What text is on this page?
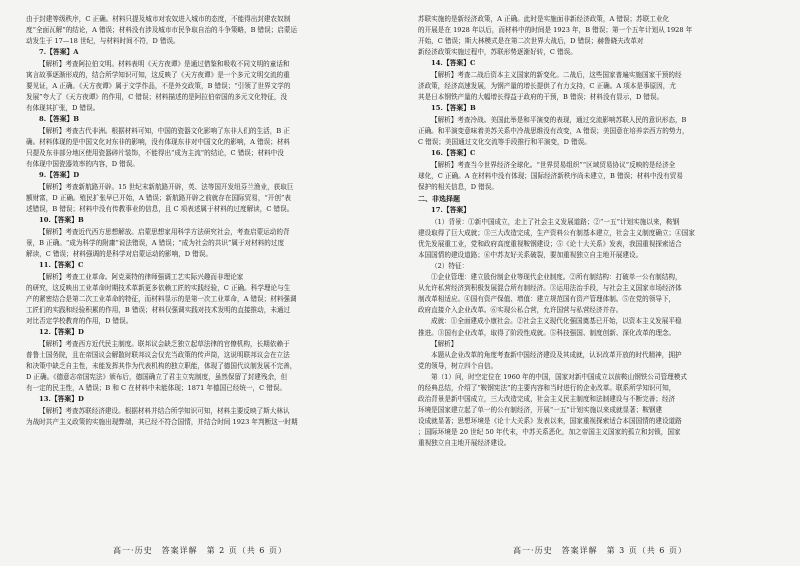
由于封建等级秩序，C 正确。材料只提及城市对农奴进入城市的态度，不能得出封建农奴制

度“全面瓦解”的结论，A 错误；材料没有涉及城市市民争取自治的斗争策略，B 错误；启蒙运

动发生于 17—18 世纪，与材料时间不符，D 错误。

7.【答案】A

【解析】考查阿拉伯文明。材料表明《天方夜谭》是通过借鉴和吸收不同文明的童话和

寓言故事逐渐形成的，结合所学知识可知，这反映了《天方夜谭》是一个多元文明交流的重

要见证，A 正确。《天方夜谭》属于文学作品，不是外交政策，B 错误；“引领了世界文学的

发展”夸大了《天方夜谭》的作用，C 错误；材料描述的是阿拉伯帝国的多元文化特征，没

有体现其扩张，D 错误。

8.【答案】B

【解析】考查古代非洲。根据材料可知，中国的瓷器文化影响了东非人们的生活，B 正

确。材料体现的是中国文化对东非的影响，没有体现东非对中国文化的影响，A 错误；材料

只提及东非部分地区使用瓷器碎片装饰，不能得出“成为主流”的结论，C 错误；材料中没

有体现中国瓷器效率的内容，D 错误。

9.【答案】D

【解析】考查新航路开辟。15 世纪末新航路开辟，英、法等国开发纽芬兰渔业，获取巨

额财富，D 正确。殖民扩张早已开始，A 错误；新航路开辟之前就存在国际贸易，“开创”表

述错误，B 错误；材料中没有传教事业的信息，且 C 项表述属于材料的过度解读，C 错误。

10.【答案】B

【解析】考查近代西方思想解放。启蒙思想家用科学方法研究社会，考查启蒙运动的背

景，B 正确。“成为科学的附庸”说法错误，A 错误；“成为社会的共识”属于对材料的过度

解读，C 错误；材料强调的是科学对启蒙运动的影响，D 错误。

11.【答案】C

【解析】考查工业革命。阿克莱特的律师强调工艺实际兴趣而非理论家

的研究，这反映出工业革命时期技术革新更多依赖工匠的实践经验，C 正确。科学理论与生

产的紧密结合是第二次工业革命的特征，而材料显示的是第一次工业革命，A 错误；材料强调

工匠们的实践和经验积累的作用，B 错误；材料仅强调实践对技术发明的直接推动，未通过

对比否定学校教育的作用，D 错误。

12.【答案】D

【解析】考查西方近代民主制度。联邦议会缺乏独立起草法律的官僚机构，长期依赖于

普鲁士国务院，且在帝国议会解散时联邦议会仅充当政策的传声筒，这说明联邦议会在立法

和决策中缺乏自主性，未能发挥其作为代表机构的独立职能，体现了德国代议制发展不完善，

D 正确。《德意志帝国宪法》颁布后，德国确立了君主立宪制度，虽然保留了封建残余，但

有一定的民主性，A 错误；B 和 C 在材料中未能体现；1871 年德国已经统一，C 错误。

13.【答案】D

【解析】考查苏联经济建设。根据材料并结合所学知识可知，材料主要反映了斯大林认

为战时共产主义政策的实施出现弊端，其已经不符合国情，并结合时间 1923 年判断这一时期

高一·历史　答案详解　第 2 页（共 6 页）

苏联实施的是新经济政策，A 正确。此时是实施面非新经济政策，A 错误；苏联工业化

的开展是在 1928 年以后，而材料中的时间是 1923 年，B 错误；第一个五年计划从 1928 年

开始，C 错误；斯大林模式是在第二次世界大战后，D 错误；赫鲁晓夫改革对

新经济政策实施过程中，苏联形势逐渐好转，C 错误。

14.【答案】C

【解析】考查二战后资本主义国家的新变化。二战后，这些国家普遍实施国家干预的经

济政策，经济高速发展，为钢产量的增长提供了有力支持，C 正确。A 项本是事原因，尤

其是日本钢铁产量的大幅增长得益于政府的干预，B 错误；材料没有显示，D 错误。

15.【答案】B

【解析】考查冷战。美国此举是和平演变的表现，通过交流影响苏联人民的意识形态，B

正确。和平演变意味着美苏关系中冷战思维没有改变，A 错误；美国意在培养亲西方的势力，

C 错误；美国通过文化交流等手段推行和平演变，D 错误。

16.【答案】C

【解析】考查当今世界经济全球化。“世界贸易组织”“区域贸易协议”反映的是经济全

球化，C 正确。A 在材料中没有体现；国际经济新秩序尚未建立，B 错误；材料中没有贸易

保护的相关信息，D 错误。

二、非选择题

17.【答案】

（1）背景：①新中国成立，走上了社会主义发展道路；②“一五”计划实施以来，鞍钢

建设取得了巨大成就；③三大改造完成，生产资料公有制基本建立，社会主义制度确立；④国家

优先发展重工业，党和政府高度重视鞍钢建设；⑤《论十大关系》发表，我国重视探索适合

本国国情的建设道路；⑥中苏友好关系破裂，要加重视独立自主地开展建设。

（2）特征：

①企业管理：建立股份制企业等现代企业制度。②所有制结构：打破单一公有制结构，

从允许私营经济到积极发展混合所有制经济。③运用法治手段，与社会主义国家市场经济体

制改革相适应。④国有资产保值、增值：建立规范国有资产管理体制。⑤在党的领导下，

政府直接介入企业改革。⑥实现公私合营，允许国营与私营经济并存。

成就：①全面建成小康社会。②社会主义现代化强国奠基已开始，以资本主义发展平稳

推进。③国有企业改革，取得了阶段性成就。⑤科技强国、制度创新、深化改革的理念。

【解析】

本题从企业改革的角度考查新中国经济建设及其成就，认识改革开放的时代精神，拥护

党的领导，树立四个自信。

第（1）问，时空定位在 1960 年的中国，国家对新中国成立以前鞍山钢铁公司管理模式

的经典总结，介绍了“鞍钢宪法”的主要内容和当时进行的企业改革。联系所学知识可知，

政治背景是新中国成立，三大改造完成，社会主义民主制度和法制建设与不断完善；经济

环境是国家建立起了单一的公有制经济，开展“一五”计划实施以来成就显著；鞍钢建

设成就显著；思想环境是《论十大关系》发表以来，国家重视探索适合本国国情的建设道路

；国际环境是 20 世纪 50 年代末，中苏关系恶化，加之帝国主义国家的孤立和封锁，国家

重视独立自主地开展经济建设。

高一·历史　答案详解　第 3 页（共 6 页）
